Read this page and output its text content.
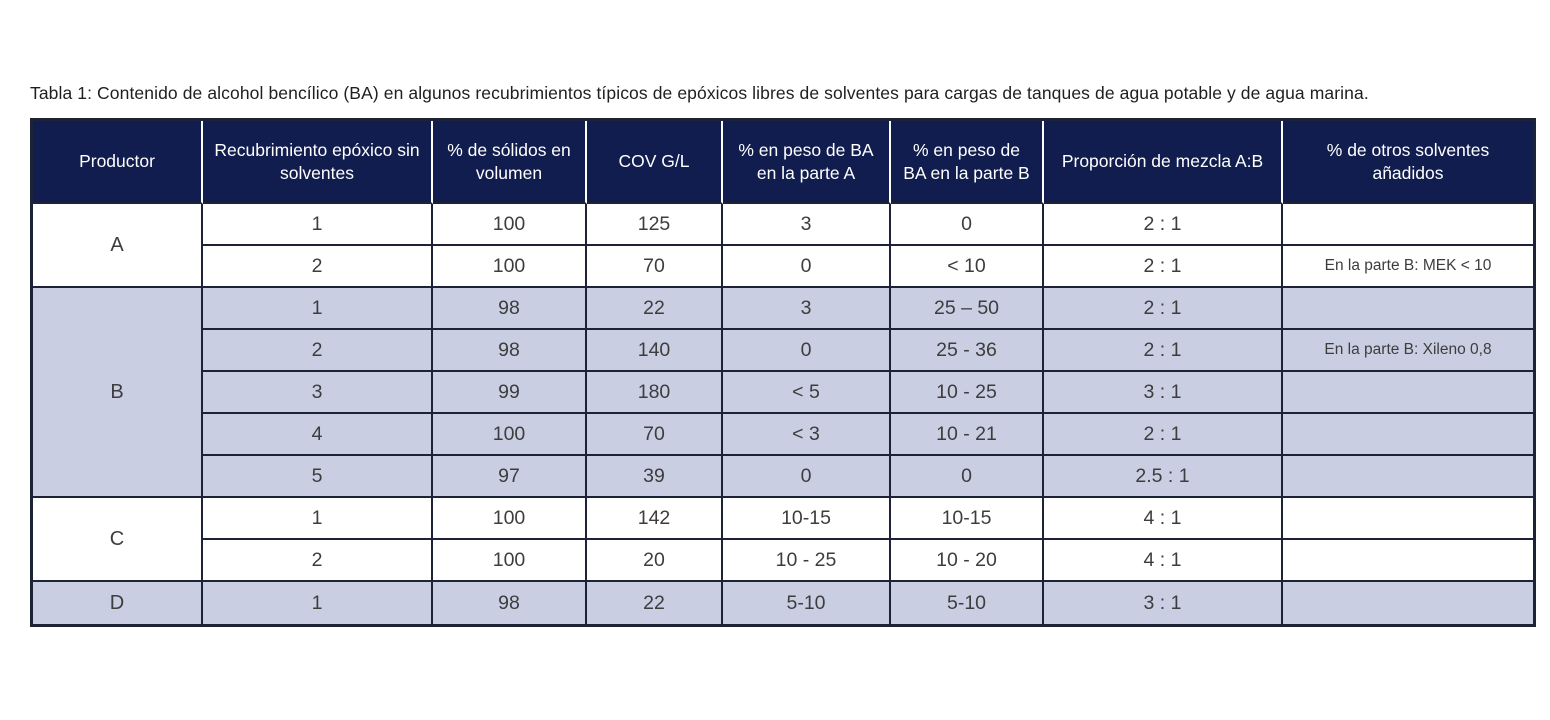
Tabla 1: Contenido de alcohol bencílico (BA) en algunos recubrimientos típicos de epóxicos libres de solventes para cargas de tanques de agua potable y de agua marina.
Productor	Recubrimiento epóxico sin solventes	% de sólidos en volumen	COV G/L	% en peso de BA en la parte A	% en peso de BA en la parte B	Proporción de mezcla A:B	% de otros solventes añadidos
A	1	100	125	3	0	2 : 1	
	2	100	70	0	< 10	2 : 1	En la parte B: MEK < 10
B	1	98	22	3	25 – 50	2 : 1	
	2	98	140	0	25 - 36	2 : 1	En la parte B: Xileno 0,8
	3	99	180	< 5	10 - 25	3 : 1	
	4	100	70	< 3	10 - 21	2 : 1	
	5	97	39	0	0	2.5 : 1	
C	1	100	142	10-15	10-15	4 : 1	
	2	100	20	10 - 25	10 - 20	4 : 1	
D	1	98	22	5-10	5-10	3 : 1	
